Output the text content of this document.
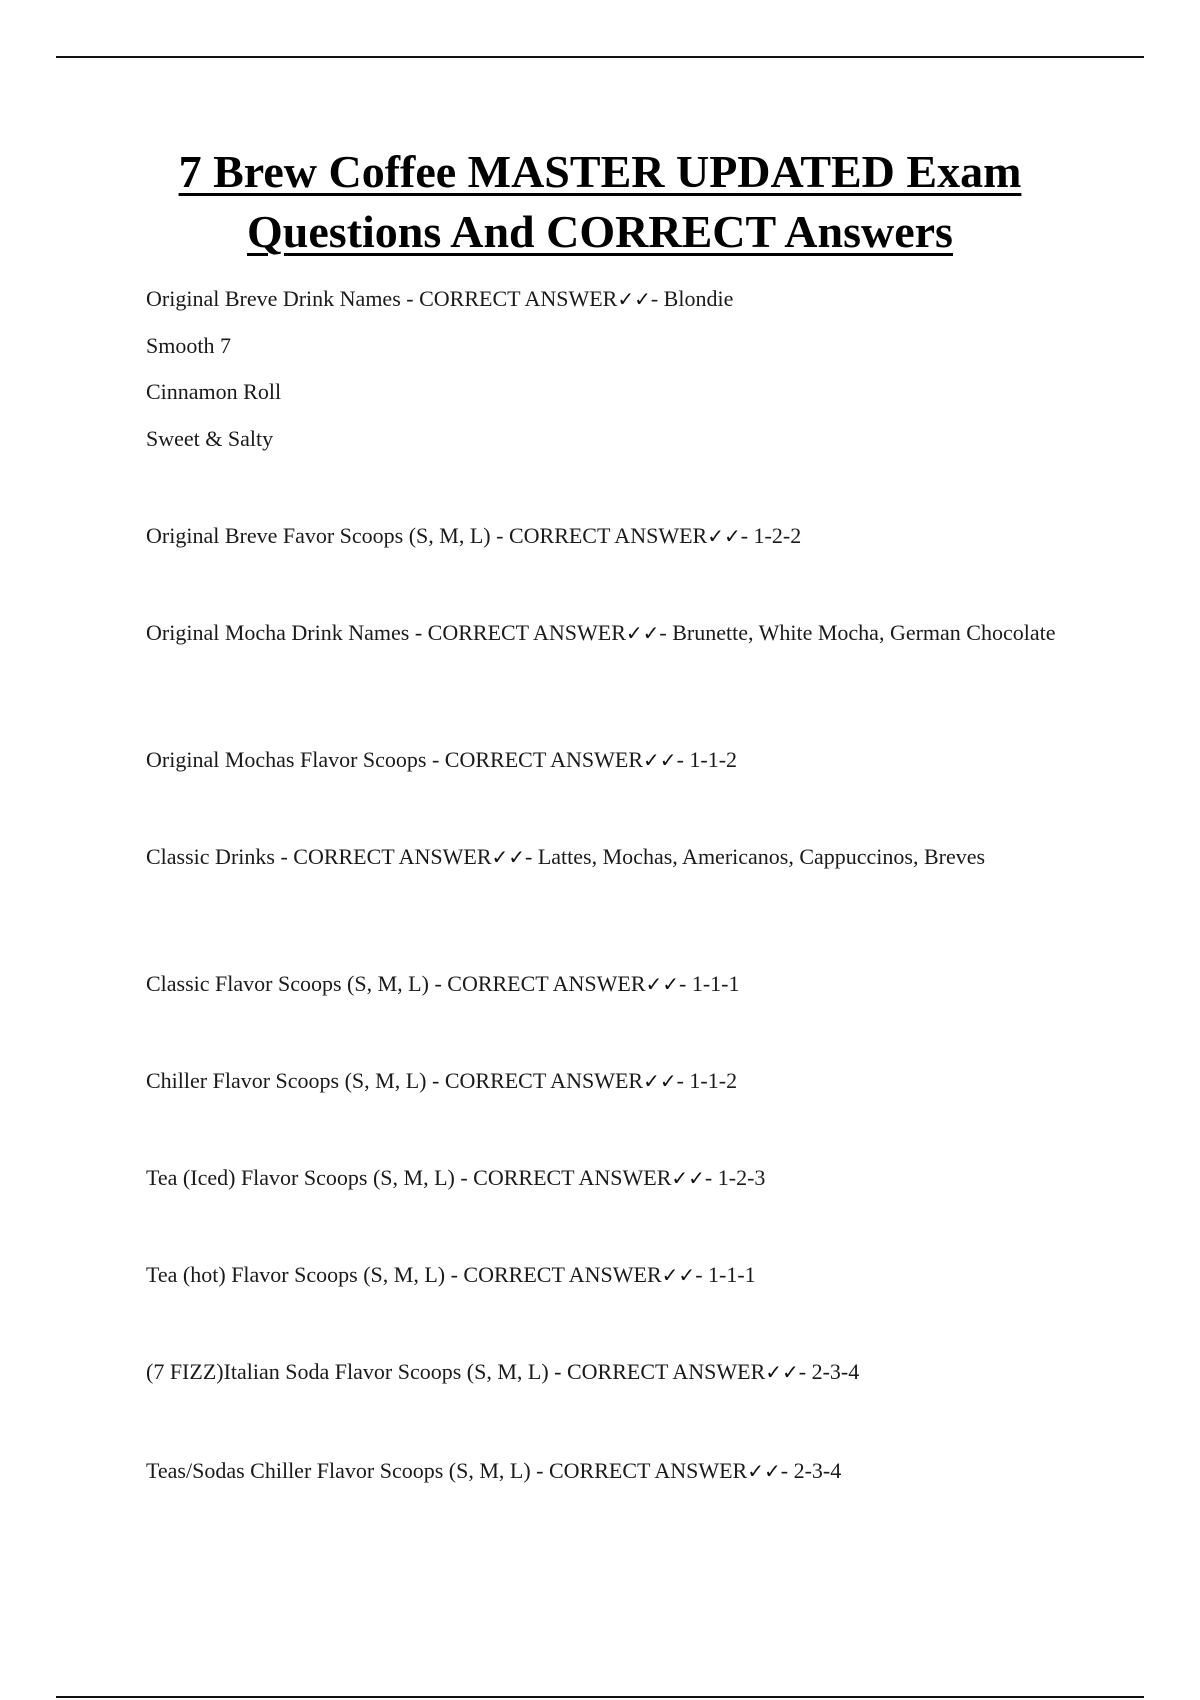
7 Brew Coffee MASTER UPDATED Exam
Questions And CORRECT Answers
Original Breve Drink Names - CORRECT ANSWER✓✓- Blondie
Smooth 7
Cinnamon Roll
Sweet & Salty
Original Breve Favor Scoops (S, M, L) - CORRECT ANSWER✓✓- 1-2-2
Original Mocha Drink Names - CORRECT ANSWER✓✓- Brunette, White Mocha, German Chocolate
Original Mochas Flavor Scoops - CORRECT ANSWER✓✓- 1-1-2
Classic Drinks - CORRECT ANSWER✓✓- Lattes, Mochas, Americanos, Cappuccinos, Breves
Classic Flavor Scoops (S, M, L) - CORRECT ANSWER✓✓- 1-1-1
Chiller Flavor Scoops (S, M, L) - CORRECT ANSWER✓✓- 1-1-2
Tea (Iced) Flavor Scoops (S, M, L) - CORRECT ANSWER✓✓- 1-2-3
Tea (hot) Flavor Scoops (S, M, L) - CORRECT ANSWER✓✓- 1-1-1
(7 FIZZ)Italian Soda Flavor Scoops (S, M, L) - CORRECT ANSWER✓✓- 2-3-4
Teas/Sodas Chiller Flavor Scoops (S, M, L) - CORRECT ANSWER✓✓- 2-3-4
